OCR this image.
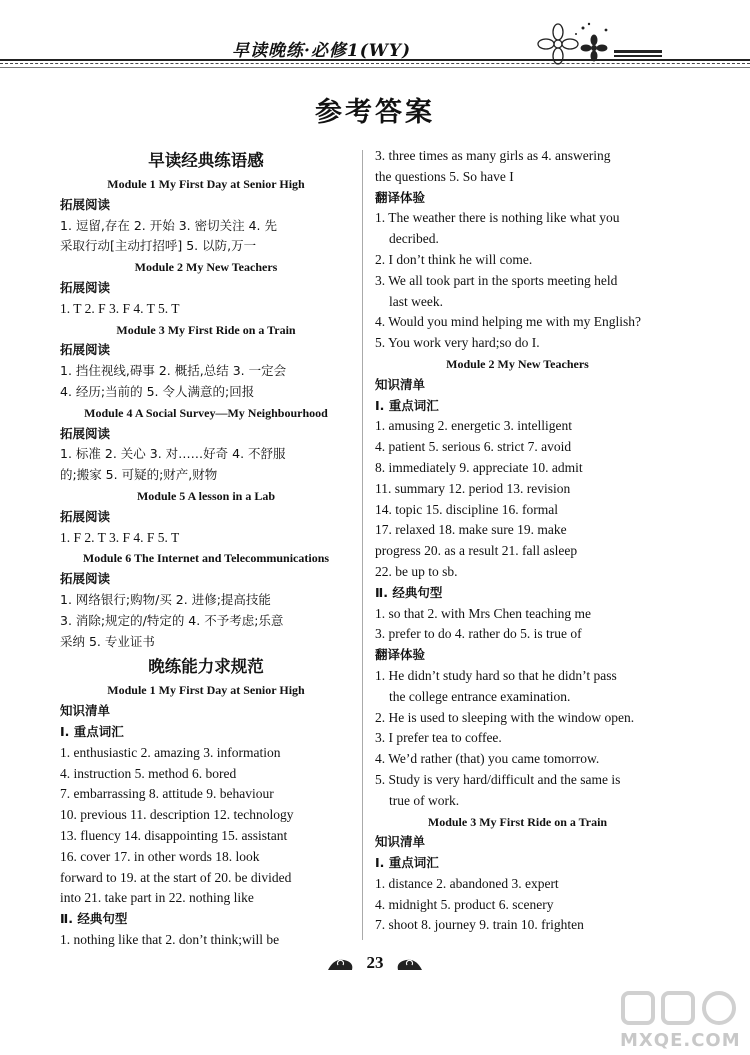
早读晚练·必修1(WY)
参考答案
早读经典练语感
Module 1 My First Day at Senior High
拓展阅读
1. 逗留,存在 2. 开始 3. 密切关注 4. 先
采取行动[主动打招呼] 5. 以防,万一
Module 2 My New Teachers
拓展阅读
1. T 2. F 3. F 4. T 5. T
Module 3 My First Ride on a Train
拓展阅读
1. 挡住视线,碍事 2. 概括,总结 3. 一定会
4. 经历;当前的 5. 令人满意的;回报
Module 4 A Social Survey—My Neighbourhood
拓展阅读
1. 标准 2. 关心 3. 对……好奇 4. 不舒服
的;搬家 5. 可疑的;财产,财物
Module 5 A lesson in a Lab
拓展阅读
1. F 2. T 3. F 4. F 5. T
Module 6 The Internet and Telecommunications
拓展阅读
1. 网络银行;购物/买 2. 进修;提高技能
3. 消除;规定的/特定的 4. 不予考虑;乐意
采纳 5. 专业证书
晚练能力求规范
Module 1 My First Day at Senior High
知识清单
Ⅰ. 重点词汇
1. enthusiastic 2. amazing 3. information
4. instruction 5. method 6. bored
7. embarrassing 8. attitude 9. behaviour
10. previous 11. description 12. technology
13. fluency 14. disappointing 15. assistant
16. cover 17. in other words 18. look
forward to 19. at the start of 20. be divided
into 21. take part in 22. nothing like
Ⅱ. 经典句型
1. nothing like that 2. don’t think;will be
3. three times as many girls as 4. answering
the questions 5. So have I
翻译体验
1. The weather there is nothing like what you
decribed.
2. I don’t think he will come.
3. We all took part in the sports meeting held
last week.
4. Would you mind helping me with my English?
5. You work very hard;so do I.
Module 2 My New Teachers
知识清单
Ⅰ. 重点词汇
1. amusing 2. energetic 3. intelligent
4. patient 5. serious 6. strict 7. avoid
8. immediately 9. appreciate 10. admit
11. summary 12. period 13. revision
14. topic 15. discipline 16. formal
17. relaxed 18. make sure 19. make
progress 20. as a result 21. fall asleep
22. be up to sb.
Ⅱ. 经典句型
1. so that 2. with Mrs Chen teaching me
3. prefer to do 4. rather do 5. is true of
翻译体验
1. He didn’t study hard so that he didn’t pass
the college entrance examination.
2. He is used to sleeping with the window open.
3. I prefer tea to coffee.
4. We’d rather (that) you came tomorrow.
5. Study is very hard/difficult and the same is
true of work.
Module 3 My First Ride on a Train
知识清单
Ⅰ. 重点词汇
1. distance 2. abandoned 3. expert
4. midnight 5. product 6. scenery
7. shoot 8. journey 9. train 10. frighten
23
MXQE.COM
